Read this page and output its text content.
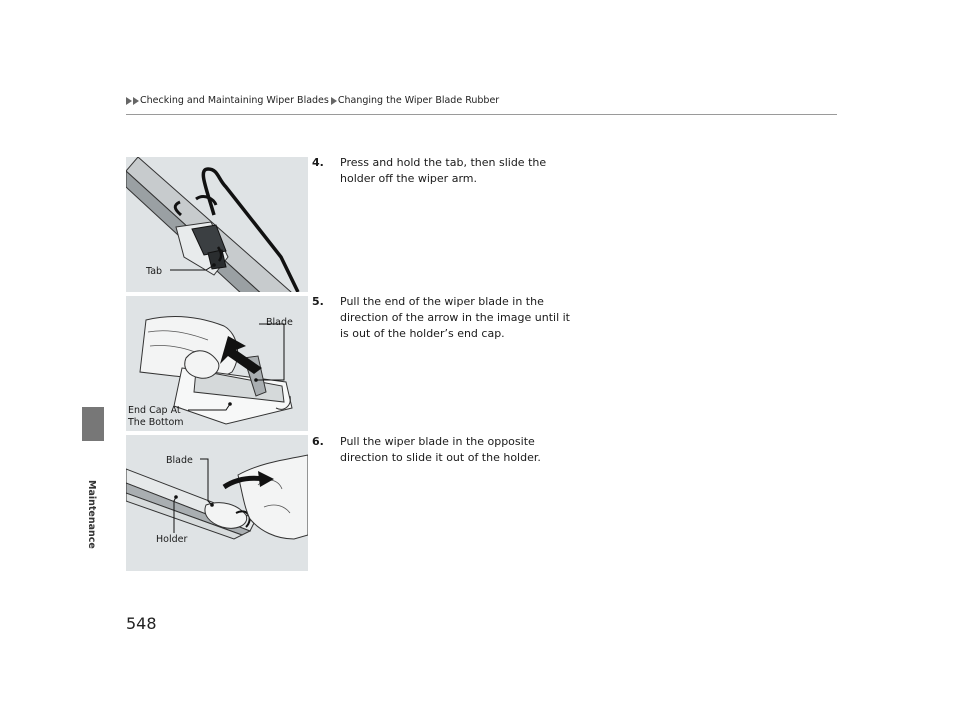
Checking and Maintaining Wiper Blades Changing the Wiper Blade Rubber
Maintenance
Tab
Blade
End Cap At
The Bottom
Blade
Holder
4. Press and hold the tab, then slide the holder off the wiper arm.
5. Pull the end of the wiper blade in the direction of the arrow in the image until it is out of the holder’s end cap.
6. Pull the wiper blade in the opposite direction to slide it out of the holder.
548
